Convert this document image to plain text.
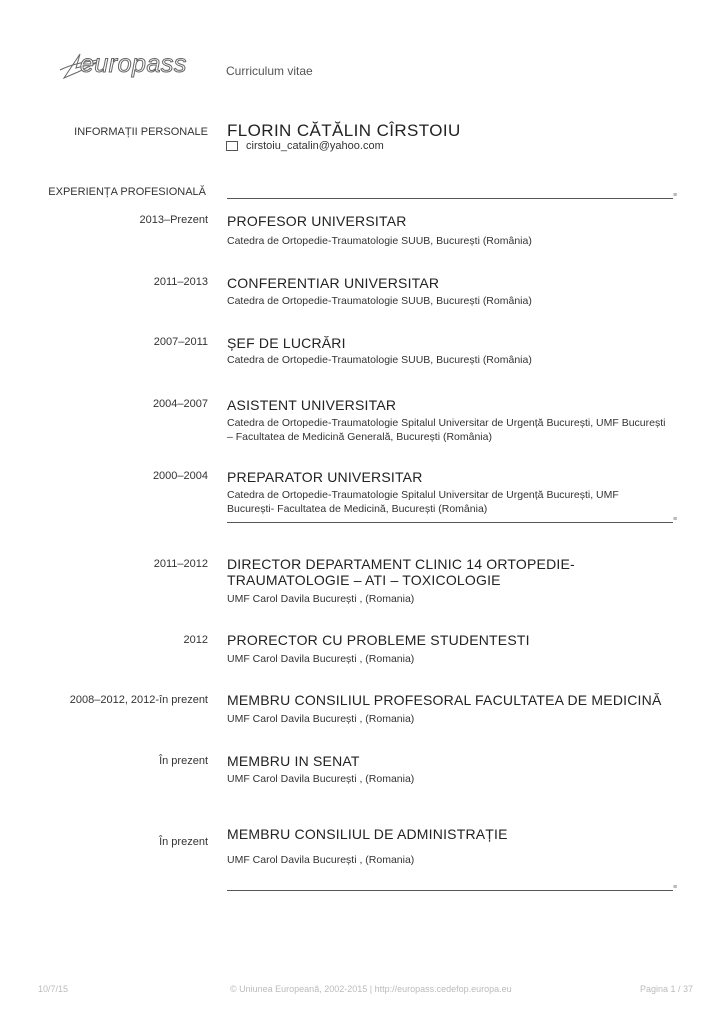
europass	Curriculum vitae
INFORMAȚII PERSONALE FLORIN CĂTĂLIN CÎRSTOIU
cirstoiu_catalin@yahoo.com
EXPERIENȚA PROFESIONALĂ	≡
2013–Prezent PROFESOR UNIVERSITAR
Catedra de Ortopedie-Traumatologie SUUB, București (România)
2011–2013 CONFERENTIAR UNIVERSITAR
Catedra de Ortopedie-Traumatologie SUUB, București (România)
2007–2011 ȘEF DE LUCRĂRI
Catedra de Ortopedie-Traumatologie SUUB, București (România)
2004–2007 ASISTENT UNIVERSITAR
Catedra de Ortopedie-Traumatologie Spitalul Universitar de Urgență București, UMF București – Facultatea de Medicină Generală, București (România)
2000–2004 PREPARATOR UNIVERSITAR
Catedra de Ortopedie-Traumatologie Spitalul Universitar de Urgență București, UMF București- Facultatea de Medicină, București (România)
≡
2011–2012 DIRECTOR DEPARTAMENT CLINIC 14 ORTOPEDIE-TRAUMATOLOGIE – ATI – TOXICOLOGIE
UMF Carol Davila București , (Romania)
2012 PRORECTOR CU PROBLEME STUDENTESTI
UMF Carol Davila București , (Romania)
2008–2012, 2012-în prezent MEMBRU CONSILIUL PROFESORAL FACULTATEA DE MEDICINĂ
UMF Carol Davila București , (Romania)
În prezent MEMBRU IN SENAT
UMF Carol Davila București , (Romania)
În prezent MEMBRU CONSILIUL DE ADMINISTRAȚIE
UMF Carol Davila București , (Romania)
≡
10/7/15	© Uniunea Europeană, 2002-2015 | http://europass.cedefop.europa.eu	Pagina 1 / 37
